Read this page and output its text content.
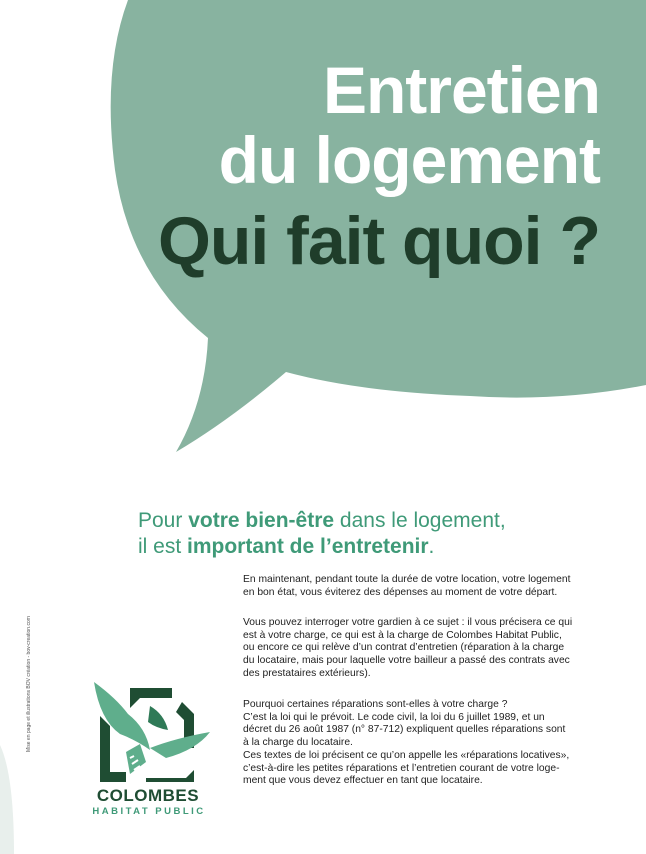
Entretien
du logement
Qui fait quoi ?
Pour votre bien-être dans le logement,
il est important de l’entretenir.
En maintenant, pendant toute la durée de votre location, votre logement
en bon état, vous éviterez des dépenses au moment de votre départ.
Vous pouvez interroger votre gardien à ce sujet : il vous précisera ce qui
est à votre charge, ce qui est à la charge de Colombes Habitat Public,
ou encore ce qui relève d’un contrat d’entretien (réparation à la charge
du locataire, mais pour laquelle votre bailleur a passé des contrats avec
des prestataires extérieurs).
Pourquoi certaines réparations sont-elles à votre charge ?
C’est la loi qui le prévoit. Le code civil, la loi du 6 juillet 1989, et un
décret du 26 août 1987 (n° 87-712) expliquent quelles réparations sont
à la charge du locataire.
Ces textes de loi précisent ce qu’on appelle les «réparations locatives»,
c’est-à-dire les petites réparations et l’entretien courant de votre loge-
ment que vous devez effectuer en tant que locataire.
Mise en page et illustrations BOV création - bov-creation.com
COLOMBES
HABITAT PUBLIC
